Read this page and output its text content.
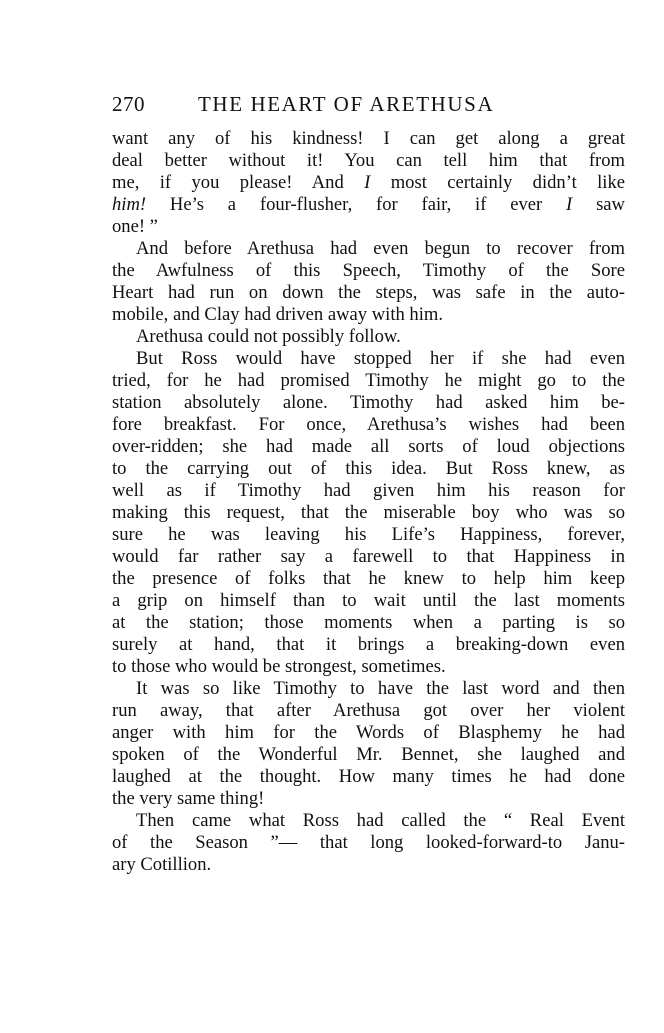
270	THE HEART OF ARETHUSA
want any of his kindness! I can get along a great
deal better without it! You can tell him that from
me, if you please! And I most certainly didn’t like
him! He’s a four-flusher, for fair, if ever I saw
one! ”
And before Arethusa had even begun to recover from
the Awfulness of this Speech, Timothy of the Sore
Heart had run on down the steps, was safe in the auto-
mobile, and Clay had driven away with him.
Arethusa could not possibly follow.
But Ross would have stopped her if she had even
tried, for he had promised Timothy he might go to the
station absolutely alone. Timothy had asked him be-
fore breakfast. For once, Arethusa’s wishes had been
over-ridden; she had made all sorts of loud objections
to the carrying out of this idea. But Ross knew, as
well as if Timothy had given him his reason for
making this request, that the miserable boy who was so
sure he was leaving his Life’s Happiness, forever,
would far rather say a farewell to that Happiness in
the presence of folks that he knew to help him keep
a grip on himself than to wait until the last moments
at the station; those moments when a parting is so
surely at hand, that it brings a breaking-down even
to those who would be strongest, sometimes.
It was so like Timothy to have the last word and then
run away, that after Arethusa got over her violent
anger with him for the Words of Blasphemy he had
spoken of the Wonderful Mr. Bennet, she laughed and
laughed at the thought. How many times he had done
the very same thing!
Then came what Ross had called the “ Real Event
of the Season ”— that long looked-forward-to Janu-
ary Cotillion.
